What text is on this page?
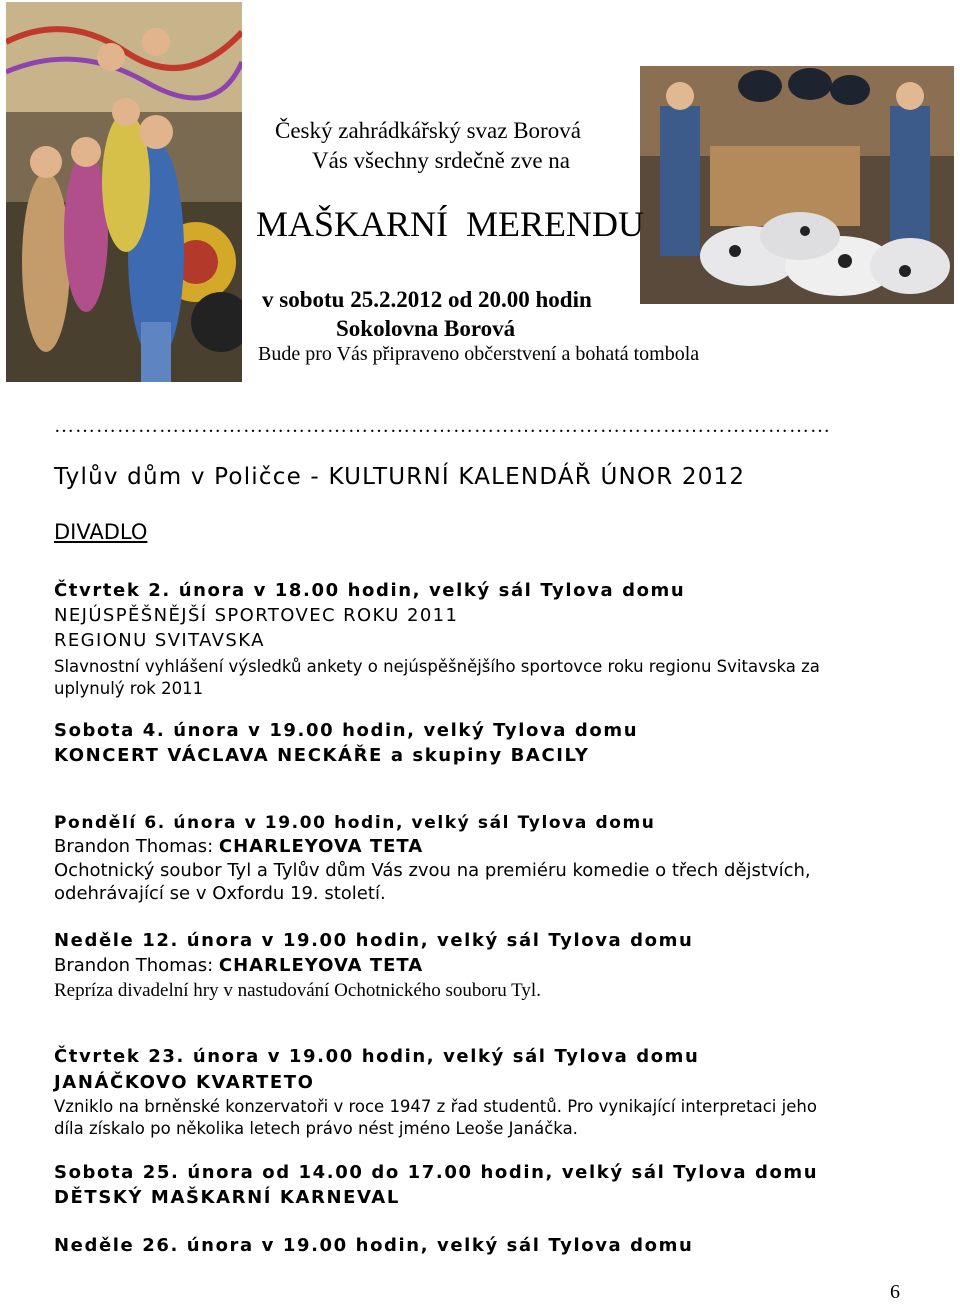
Český zahrádkářský svaz Borová
Vás všechny srdečně zve na
MAŠKARNÍ  MERENDU
v sobotu 25.2.2012 od 20.00 hodin
Sokolovna Borová
Bude pro Vás připraveno občerstvení a bohatá tombola
…………………………………………………………………………………………………
Tylův dům v Poličce - KULTURNÍ KALENDÁŘ ÚNOR 2012
DIVADLO
Čtvrtek 2. února v 18.00 hodin, velký sál Tylova domu
NEJÚSPĚŠNĚJŠÍ SPORTOVEC ROKU 2011
REGIONU SVITAVSKA
Slavnostní vyhlášení výsledků ankety o nejúspěšnějšího sportovce roku regionu Svitavska za
uplynulý rok 2011
Sobota 4. února v 19.00 hodin, velký Tylova domu
KONCERT VÁCLAVA NECKÁŘE a skupiny BACILY
Pondělí 6. února v 19.00 hodin, velký sál Tylova domu
Brandon Thomas: CHARLEYOVA TETA
Ochotnický soubor Tyl a Tylův dům Vás zvou na premiéru komedie o třech dějstvích,
odehrávající se v Oxfordu 19. století.
Neděle 12. února v 19.00 hodin, velký sál Tylova domu
Brandon Thomas: CHARLEYOVA TETA
Repríza divadelní hry v nastudování Ochotnického souboru Tyl.
Čtvrtek 23. února v 19.00 hodin, velký sál Tylova domu
JANÁČKOVO KVARTETO
Vzniklo na brněnské konzervatoři v roce 1947 z řad studentů. Pro vynikající interpretaci jeho
díla získalo po několika letech právo nést jméno Leoše Janáčka.
Sobota 25. února od 14.00 do 17.00 hodin, velký sál Tylova domu
DĚTSKÝ MAŠKARNÍ KARNEVAL
Neděle 26. února v 19.00 hodin, velký sál Tylova domu
6
